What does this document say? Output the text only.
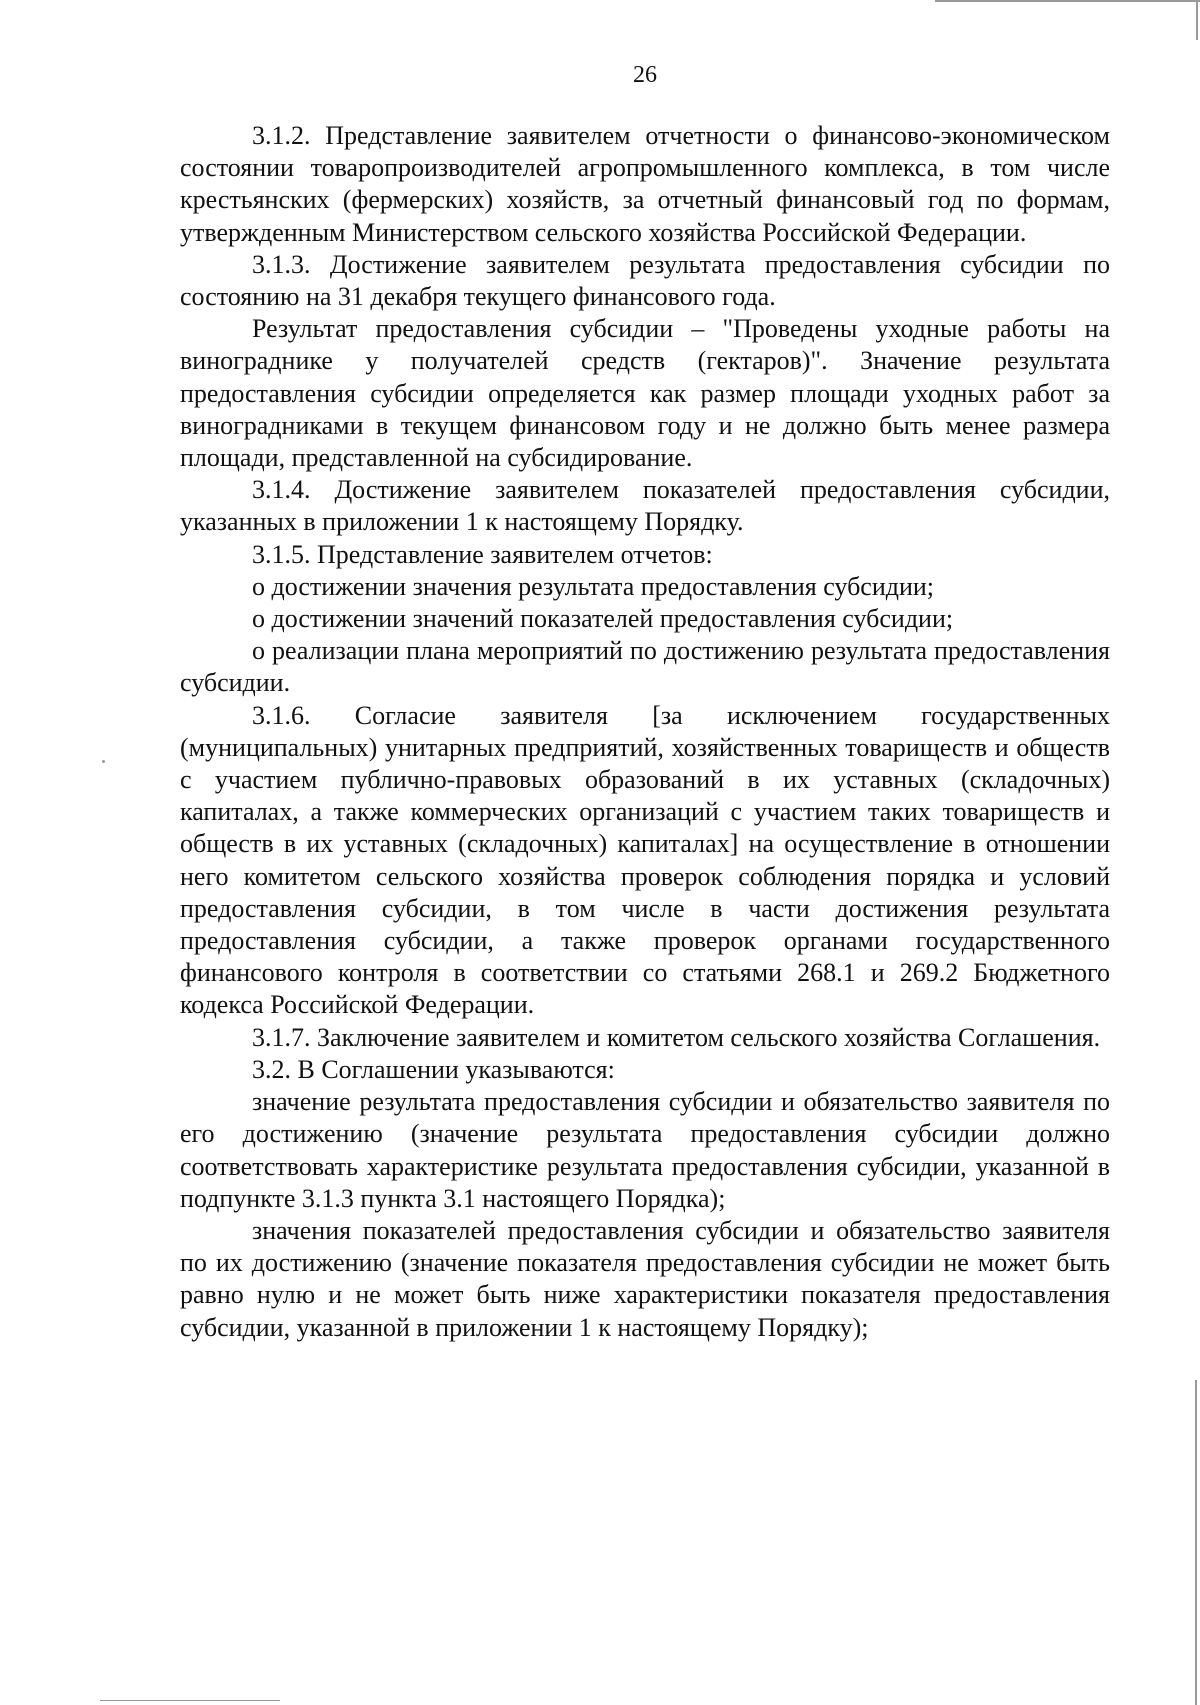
26

3.1.2. Представление заявителем отчетности о финансово-экономическом состоянии товаропроизводителей агропромышленного комплекса, в том числе крестьянских (фермерских) хозяйств, за отчетный финансовый год по формам, утвержденным Министерством сельского хозяйства Российской Федерации.

3.1.3. Достижение заявителем результата предоставления субсидии по состоянию на 31 декабря текущего финансового года.

Результат предоставления субсидии – "Проведены уходные работы на винограднике у получателей средств (гектаров)". Значение результата предоставления субсидии определяется как размер площади уходных работ за виноградниками в текущем финансовом году и не должно быть менее размера площади, представленной на субсидирование.

3.1.4. Достижение заявителем показателей предоставления субсидии, указанных в приложении 1 к настоящему Порядку.

3.1.5. Представление заявителем отчетов:

о достижении значения результата предоставления субсидии;

о достижении значений показателей предоставления субсидии;

о реализации плана мероприятий по достижению результата предоставления субсидии.

3.1.6. Согласие заявителя [за исключением государственных (муниципальных) унитарных предприятий, хозяйственных товариществ и обществ с участием публично-правовых образований в их уставных (складочных) капиталах, а также коммерческих организаций с участием таких товариществ и обществ в их уставных (складочных) капиталах] на осуществление в отношении него комитетом сельского хозяйства проверок соблюдения порядка и условий предоставления субсидии, в том числе в части достижения результата предоставления субсидии, а также проверок органами государственного финансового контроля в соответствии со статьями 268.1 и 269.2 Бюджетного кодекса Российской Федерации.

3.1.7. Заключение заявителем и комитетом сельского хозяйства Соглашения.

3.2. В Соглашении указываются:

значение результата предоставления субсидии и обязательство заявителя по его достижению (значение результата предоставления субсидии должно соответствовать характеристике результата предоставления субсидии, указанной в подпункте 3.1.3 пункта 3.1 настоящего Порядка);

значения показателей предоставления субсидии и обязательство заявителя по их достижению (значение показателя предоставления субсидии не может быть равно нулю и не может быть ниже характеристики показателя предоставления субсидии, указанной в приложении 1 к настоящему Порядку);
